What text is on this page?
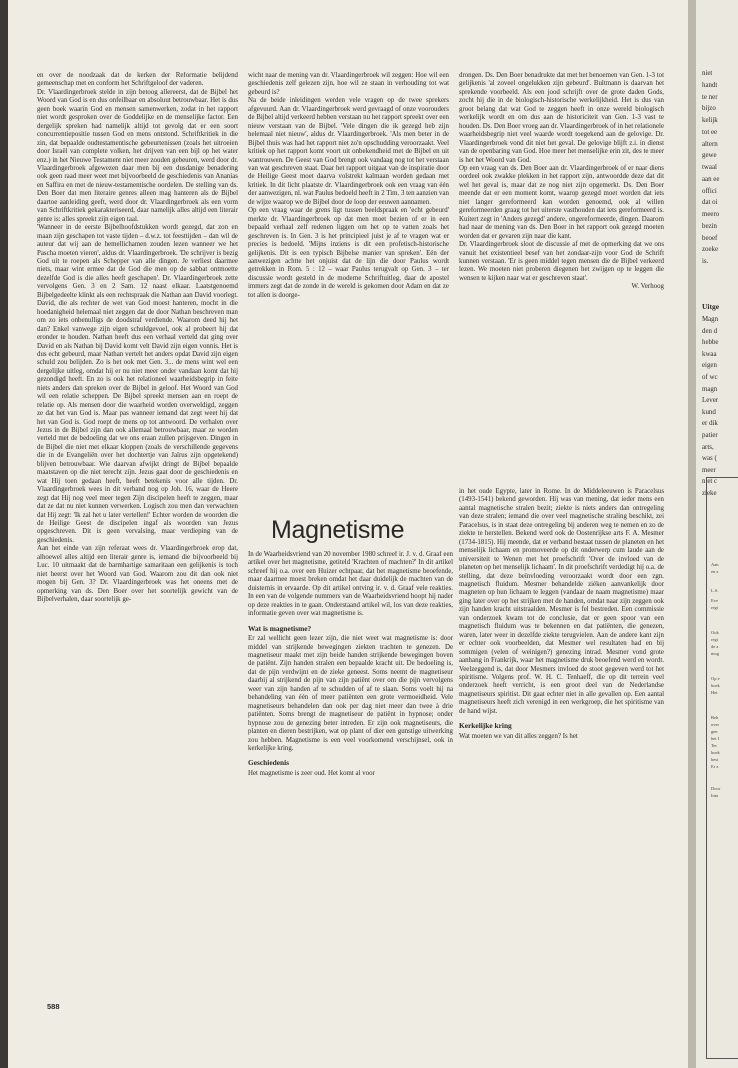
en over de noodzaak dat de kerken der Reformatie belijdend gemeenschap met en conform het Schriftgeloof der vaderen.

Dr. Vlaardingerbroek stelde in zijn betoog allereerst, dat de Bijbel het Woord van God is en dus onfeilbaar en absoluut betrouwbaar. Het is dus geen boek waarin God en mensen samenwerken, zodat in het rapport niet wordt gesproken over de Goddelijke en de menselijke factor. Een dergelijk spreken had namelijk altijd tot gevolg dat er een soort concurrentiepositie tussen God en mens ontstond. Schriftkritiek in die zin, dat bepaalde oudtestamentische gebeurtenissen (zoals het uitroeien door Israël van complete volken, het drijven van een bijl op het water enz.) in het Nieuwe Testament niet meer zouden gebeuren, werd door dr. Vlaardingerbroek afgewezen daar men bij een dusdanige benadering ook geen raad meer weet met bijvoorbeeld de geschiedenis van Ananias en Saffira en met de nieuw-testamentische oordelen. De stelling van ds. Den Boer dat men literaire genres alleen mag hanteren als de Bijbel daartoe aanleiding geeft, werd door dr. Vlaardingerbroek als een vorm van Schriftkritiek gekarakteriseerd, daar namelijk alles altijd een literair genre is: alles spreekt zijn eigen taal.

'Wanneer in de eerste Bijbelhoofdstukken wordt gezegd, dat zon en maan zijn geschapen tot vaste tijden – d.w.z. tot feesttijden – dan wil de auteur dat wij aan de hemellichamen zouden lezen wanneer we het Pascha moeten vieren', aldus dr. Vlaardingerbroek. 'De schrijver is bezig God uit te roepen als Schepper van alle dingen. Je verliest daarmee niets, maar wint ermee dat de God die men op de sabbat ontmoette dezelfde God is die alles heeft geschapen'. Dr. Vlaardingerbroek zette vervolgens Gen. 3 en 2 Sam. 12 naast elkaar. Laatstgenoemd Bijbelgedeelte klinkt als een rechtspraak die Nathan aan David voorlegt. David, die als rechter de wet van God moest hanteren, mocht in die hoedanigheid helemaal niet zeggen dat de door Nathan beschreven man om zo iets onbenulligs de doodstraf verdiende. Waarom deed hij het dan? Enkel vanwege zijn eigen schuldgevoel, ook al probeert hij dat eronder te houden. Nathan heeft dus een verhaal verteld dat ging over David en als Nathan bij David komt velt David zijn eigen vonnis. Het is dus echt gebeurd, maar Nathan vertelt het anders opdat David zijn eigen schuld zou belijden. Zo is het ook met Gen. 3... de mens wint wel een dergelijke uitleg, omdat hij er nu niet meer onder vandaan komt dat hij gezondigd heeft. En zo is ook het relationeel waarheidsbegrip in feite niets anders dan spreken over de Bijbel in geloof. Het Woord van God wil een relatie scheppen. De Bijbel spreekt mensen aan en roept de relatie op. Als mensen door die waarheid worden overweldigd, zeggen ze dat het van God is. Maar pas wanneer iemand dat zegt weet hij dat het van God is. God roept de mens op tot antwoord. De verhalen over Jezus in de Bijbel zijn dan ook allemaal betrouwbaar, maar ze worden verteld met de bedoeling dat we ons eraan zullen prijsgeven. Dingen in de Bijbel die niet met elkaar kloppen (zoals de verschillende gegevens die in de Evangeliën over het dochtertje van Jaïrus zijn opgetekend) blijven betrouwbaar. Wie daarvan afwijkt dringt de Bijbel bepaalde maatstaven op die niet terecht zijn. Jezus gaat door de geschiedenis en wat Hij toen gedaan heeft, heeft betekenis voor alle tijden. Dr. Vlaardingerbroek wees in dit verband nog op Joh. 16, waar de Heere zegt dat Hij nog veel meer tegen Zijn discipelen heeft te zeggen, maar dat ze dat nu niet kunnen verwerken. Logisch zou men dan verwachten dat Hij zegt: 'Ik zal het u later vertellen!' Echter worden de woorden die de Heilige Geest de discipelen ingaf als woorden van Jezus opgeschreven. Dit is geen vervalsing, maar verdieping van de geschiedenis.

Aan het einde van zijn referaat wees dr. Vlaardingerbroek erop dat, alhoewel alles altijd een literair genre is, iemand die bijvoorbeeld bij Luc. 10 uitmaakt dat de barmhartige samaritaan een gelijkenis is toch niet heerst over het Woord van God. Waarom zou dit dan ook niet mogen bij Gen. 3? Dr. Vlaardingerbroek was het oneens met de opmerking van ds. Den Boer over het soortelijk gewicht van de Bijbelverhalen, daar soortelijk ge-

wicht naar de mening van dr. Vlaardingerbroek wil zeggen: Hoe wil een geschiedenis zelf gelezen zijn, hoe wil ze staan in verhouding tot wat gebeurd is?

Na de beide inleidingen werden vele vragen op de twee sprekers afgevuurd. Aan dr. Vlaardingerbroek werd gevraagd of onze voorouders de Bijbel altijd verkeerd hebben verstaan nu het rapport spreekt over een nieuw verstaan van de Bijbel. 'Vele dingen die ik gezegd heb zijn helemaal niet nieuw', aldus dr. Vlaardingerbroek. 'Als men beter in de Bijbel thuis was had het rapport niet zo'n opschudding veroorzaakt. Veel kritiek op het rapport komt voort uit onbekendheid met de Bijbel en uit wantrouwen. De Geest van God brengt ook vandaag nog tot het verstaan van wat geschreven staat. Daar het rapport uitgaat van de inspiratie door de Heilige Geest moet daarva volstrekt kalmaan worden gedaan met kritiek. In dit licht plaatste dr. Vlaardingerbroek ook een vraag van één der aanwezigen, nl. wat Paulus bedoeld heeft in 2 Tim. 3 ten aanzien van de wijze waarop we de Bijbel door de loop der eeuwen aannamen.

Op een vraag waar de grens ligt tussen beeldspraak en 'echt gebeurd' merkte dr. Vlaardingerbroek op dat men moet bezien of er in een bepaald verhaal zelf redenen liggen om het op te vatten zoals het geschreven is. In Gen. 3 is het principieel juist je af te vragen wat er precies is bedoeld. 'Mijns inziens is dit een profetisch-historische gelijkenis. Dit is een typisch Bijbelse manier van spreken'. Eén der aanwezigen achtte het onjuist dat de lijn die door Paulus wordt getrokken in Rom. 5 : 12 – waar Paulus terugvalt op Gen. 3 – ter discussie wordt gesteld in de moderne Schriftuitleg, daar de apostel immers zegt dat de zonde in de wereld is gekomen door Adam en dat ze tot allen is doorge-

drongen. Ds. Den Boer benadrukte dat met het benoemen van Gen. 1-3 tot gelijkenis 'al zoveel ongelukken zijn gebeurd'. Bultmann is daarvan het sprekende voorbeeld. Als een jood schrijft over de grote daden Gods, zocht hij die in de biologisch-historische werkelijkheid. Het is dus van groot belang dat wat God te zeggen heeft in onze wereld biologisch werkelijk wordt en om dus aan de historiciteit van Gen. 1-3 vast te houden. Ds. Den Boer vroeg aan dr. Vlaardingerbroek of in het relationele waarheidsbegrip niet veel waarde wordt toegekend aan de gelovige. Dr. Vlaardingerbroek vond dit niet het geval. De gelovige blijft z.i. in dienst van de openbaring van God. Hoe meer het menselijke erin zit, des te meer is het het Woord van God.

Op een vraag van ds. Den Boer aan dr. Vlaardingerbroek of er naar diens oordeel ook zwakke plekken in het rapport zijn, antwoordde deze dat dit wel het geval is, maar dat ze nog niet zijn opgemerkt. Ds. Den Boer meende dat er een moment komt, waarop gezegd moet worden dat iets niet langer gereformeerd kan worden genoemd, ook al willen gereformeerden graag tot het uiterste vasthouden dat iets gereformeerd is. Kuitert zegt in 'Anders gezegd' andere, ongereformeerde, dingen. Daarom had naar de mening van ds. Den Boer in het rapport ook gezegd moeten worden dat er gevaren zijn naar die kant.

Dr. Vlaardingerbroek sloot de discussie af met de opmerking dat we ons vanuit het existentieel besef van het zondaar-zijn voor God de Schrift kunnen verstaan. 'Er is geen middel tegen mensen die de Bijbel verkeerd lezen. We moeten niet proberen diegenen het zwijgen op te leggen die wensen te kijken naar wat er geschreven staat'.

W. Verhoog

Magnetisme

In de Waarheidsvriend van 20 november 1980 schreef ir. J. v. d. Graaf een artikel over het magnetisme, getiteld 'Krachten of machten?' In dit artikel schreef hij o.a. over een Huizer echtpaar, dat het magnetisme beoefende, maar daarmee moest breken omdat het daar duidelijk de machten van de duisternis in ervaarde. Op dit artikel ontving ir. v. d. Graaf vele reakties. In een van de volgende nummers van de Waarheidsvriend hoopt hij nader op deze reakties in te gaan. Onderstaand artikel wil, los van deze reakties, informatie geven over wat magnetisme is.

Wat is magnetisme?

Er zal wellicht geen lezer zijn, die niet weet wat magnetisme is: door middel van strijkende bewegingen ziekten trachten te genezen. De magnetiseur maakt met zijn beide handen strijkende bewegingen boven de patiënt. Zijn handen stralen een bepaalde kracht uit. De bedoeling is, dat de pijn verdwijnt en de zieke geneest. Soms neemt de magnetiseur daarbij al strijkend de pijn van zijn patiënt over om die pijn vervolgens weer van zijn handen af te schudden of af te slaan. Soms voelt hij na behandeling van één of meer patiënten een grote vermoeidheid. Vele magnetiseurs behandelen dan ook per dag niet meer dan twee à drie patiënten. Soms brengt de magnetiseur de patiënt in hypnose; onder hypnose zou de genezing beter intreden. Er zijn ook magnetiseurs, die planten en dieren bestrijken, wat op plant of dier een gunstige uitwerking zou hebben. Magnetisme is een veel voorkomend verschijnsel, ook in kerkelijke kring.

Geschiedenis

Het magnetisme is zeer oud. Het komt al voor

in het oude Egypte, later in Rome. In de Middeleeuwen is Paracelsus (1493-1541) bekend geworden. Hij was van mening, dat ieder mens een aantal magnetische stralen bezit; ziekte is niets anders dan ontregeling van deze stralen; iemand die over veel magnetische straling beschikt, zei Paracelsus, is in staat deze ontregeling bij anderen weg te nemen en zo de ziekte te herstellen. Bekend werd ook de Oostenrijkse arts F. A. Mesmer (1734-1815). Hij meende, dat er verband bestaat tussen de planeten en het menselijk lichaam en promoveerde op dit onderwerp cum laude aan de universiteit te Wenen met het proefschrift 'Over de invloed van de planeten op het menselijk lichaam'. In dit proefschrift verdedigt hij o.a. de stelling, dat deze beïnvloeding veroorzaakt wordt door een zgn. magnetisch fluidum. Mesmer behandelde ziéken aanvankelijk door magneten op hun lichaam te leggen (vandaar de naam magnetisme) maar ging later over op het strijken met de handen, omdat naar zijn zeggen ook zijn handen kracht uitstraalden. Mesmer is fel bestreden. Een commissie van onderzoek kwam tot de conclusie, dat er geen spoor van een magnetisch fluidum was te bekennen en dat patiënten, die genezen, waren, later weer in dezelfde ziekte terugvielen. Aan de andere kant zijn er echter ook voorbeelden, dat Mesmer wel resultaten had en bij sommigen (velen of weinigen?) genezing intrad. Mesmer vond grote aanhang in Frankrijk, waar het magnetisme druk beoefend werd en wordt. Veelzeggend is, dat door Mesmers invloed de stoot gegeven werd tot het spiritisme. Volgens prof. W. H. C. Tenhaeff, die op dit terrein veel onderzoek heeft verricht, is een groot deel van de Nederlandse magnetiseurs spiritist. Dit gaat echter niet in alle gevallen op. Een aantal magnetiseurs heeft zich verenigd in een werkgroep, die het spiritisme van de hand wijst.

Kerkelijke kring

Wat moeten we van dit alles zeggen? Is het

588
niet
handt
te ner
bijzo
kelijk
tot ee
altern
gewe
twaal
aan ee
offici
dat oi
meero
bezin
beoef
zoeke
is.
Uitge
Magn
den d
hebbe
kwaa
eigen
of wc
magn
Lever
kund
er dik
patier
arts,
was (
meer
niet c
zieke
Aan
en z
L.S.
Eve
regi
Ook
regi
de a
mog
Op e
boek
Het
Beh
over
gen
het I
Ter
boek
best
Er z
Door
Inta
